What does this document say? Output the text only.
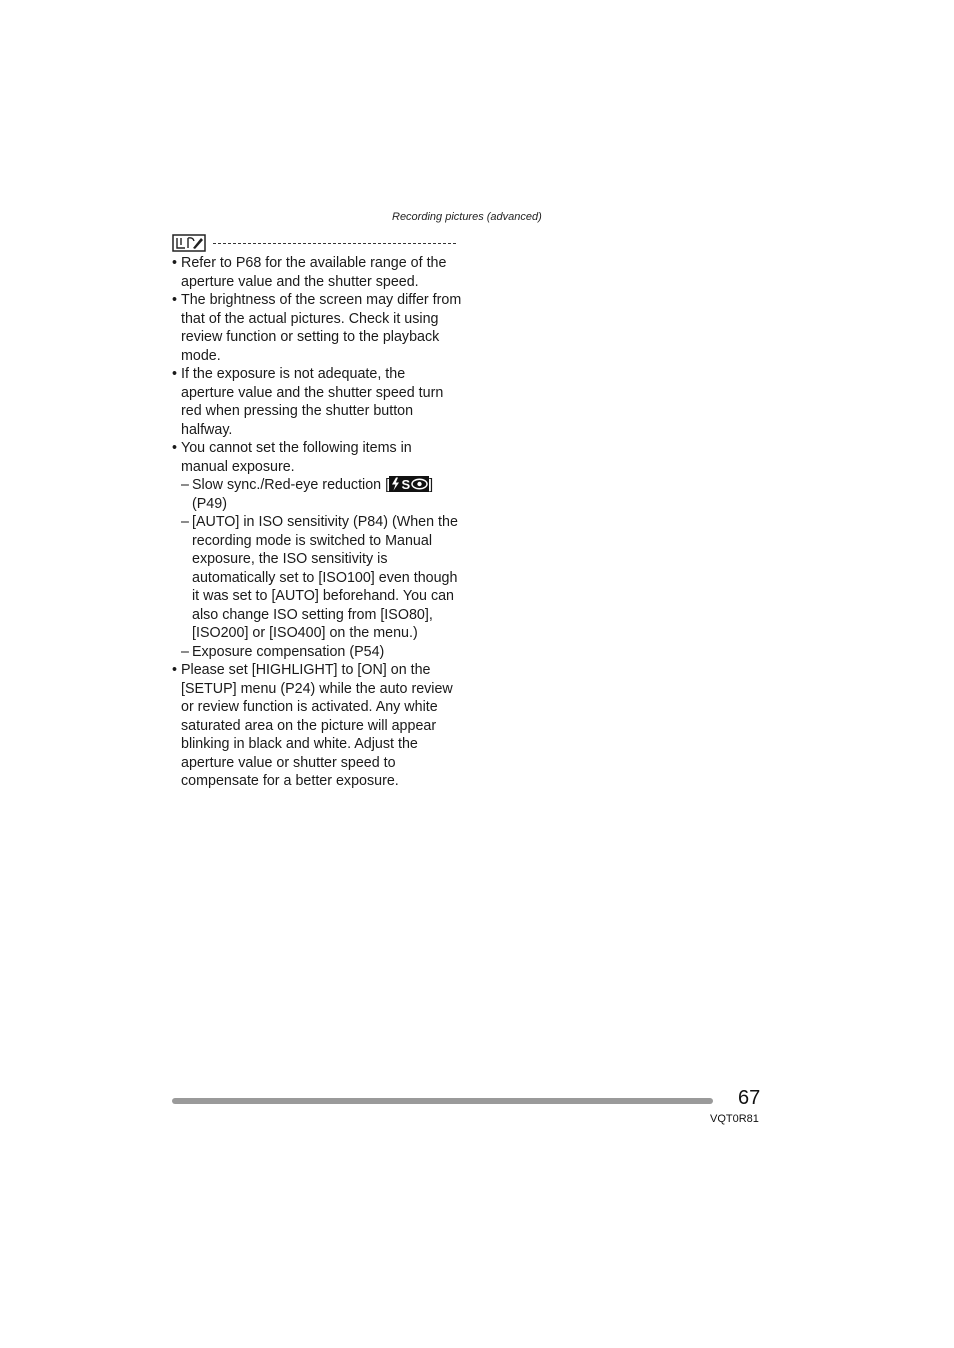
Recording pictures (advanced)

• Refer to P68 for the available range of the aperture value and the shutter speed.

• The brightness of the screen may differ from that of the actual pictures. Check it using review function or setting to the playback mode.

• If the exposure is not adequate, the aperture value and the shutter speed turn red when pressing the shutter button halfway.

• You cannot set the following items in manual exposure.

– Slow sync./Red-eye reduction [ S ] (P49)

– [AUTO] in ISO sensitivity (P84) (When the recording mode is switched to Manual exposure, the ISO sensitivity is automatically set to [ISO100] even though it was set to [AUTO] beforehand. You can also change ISO setting from [ISO80], [ISO200] or [ISO400] on the menu.)

– Exposure compensation (P54)

• Please set [HIGHLIGHT] to [ON] on the [SETUP] menu (P24) while the auto review or review function is activated. Any white saturated area on the picture will appear blinking in black and white. Adjust the aperture value or shutter speed to compensate for a better exposure.

67
VQT0R81
